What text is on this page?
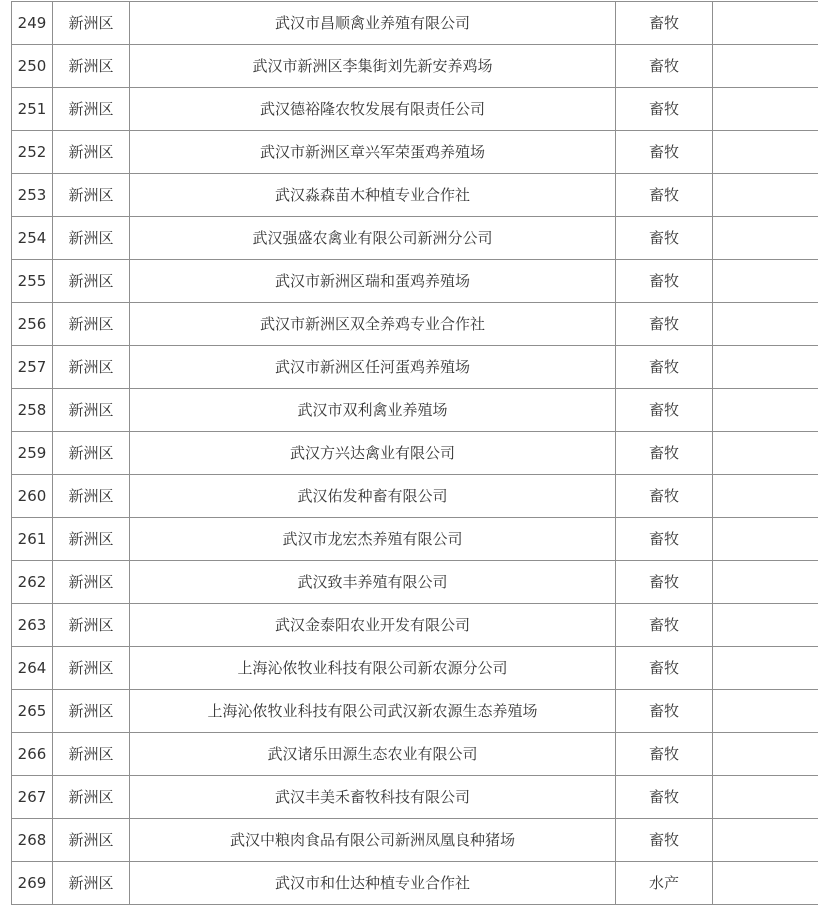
249	新洲区	武汉市昌顺禽业养殖有限公司	畜牧	
250	新洲区	武汉市新洲区李集街刘先新安养鸡场	畜牧	
251	新洲区	武汉德裕隆农牧发展有限责任公司	畜牧	
252	新洲区	武汉市新洲区章兴军荣蛋鸡养殖场	畜牧	
253	新洲区	武汉淼森苗木种植专业合作社	畜牧	
254	新洲区	武汉强盛农禽业有限公司新洲分公司	畜牧	
255	新洲区	武汉市新洲区瑞和蛋鸡养殖场	畜牧	
256	新洲区	武汉市新洲区双全养鸡专业合作社	畜牧	
257	新洲区	武汉市新洲区任河蛋鸡养殖场	畜牧	
258	新洲区	武汉市双利禽业养殖场	畜牧	
259	新洲区	武汉方兴达禽业有限公司	畜牧	
260	新洲区	武汉佑发种畜有限公司	畜牧	
261	新洲区	武汉市龙宏杰养殖有限公司	畜牧	
262	新洲区	武汉致丰养殖有限公司	畜牧	
263	新洲区	武汉金泰阳农业开发有限公司	畜牧	
264	新洲区	上海沁侬牧业科技有限公司新农源分公司	畜牧	
265	新洲区	上海沁侬牧业科技有限公司武汉新农源生态养殖场	畜牧	
266	新洲区	武汉诸乐田源生态农业有限公司	畜牧	
267	新洲区	武汉丰美禾畜牧科技有限公司	畜牧	
268	新洲区	武汉中粮肉食品有限公司新洲凤凰良种猪场	畜牧	
269	新洲区	武汉市和仕达种植专业合作社	水产	
